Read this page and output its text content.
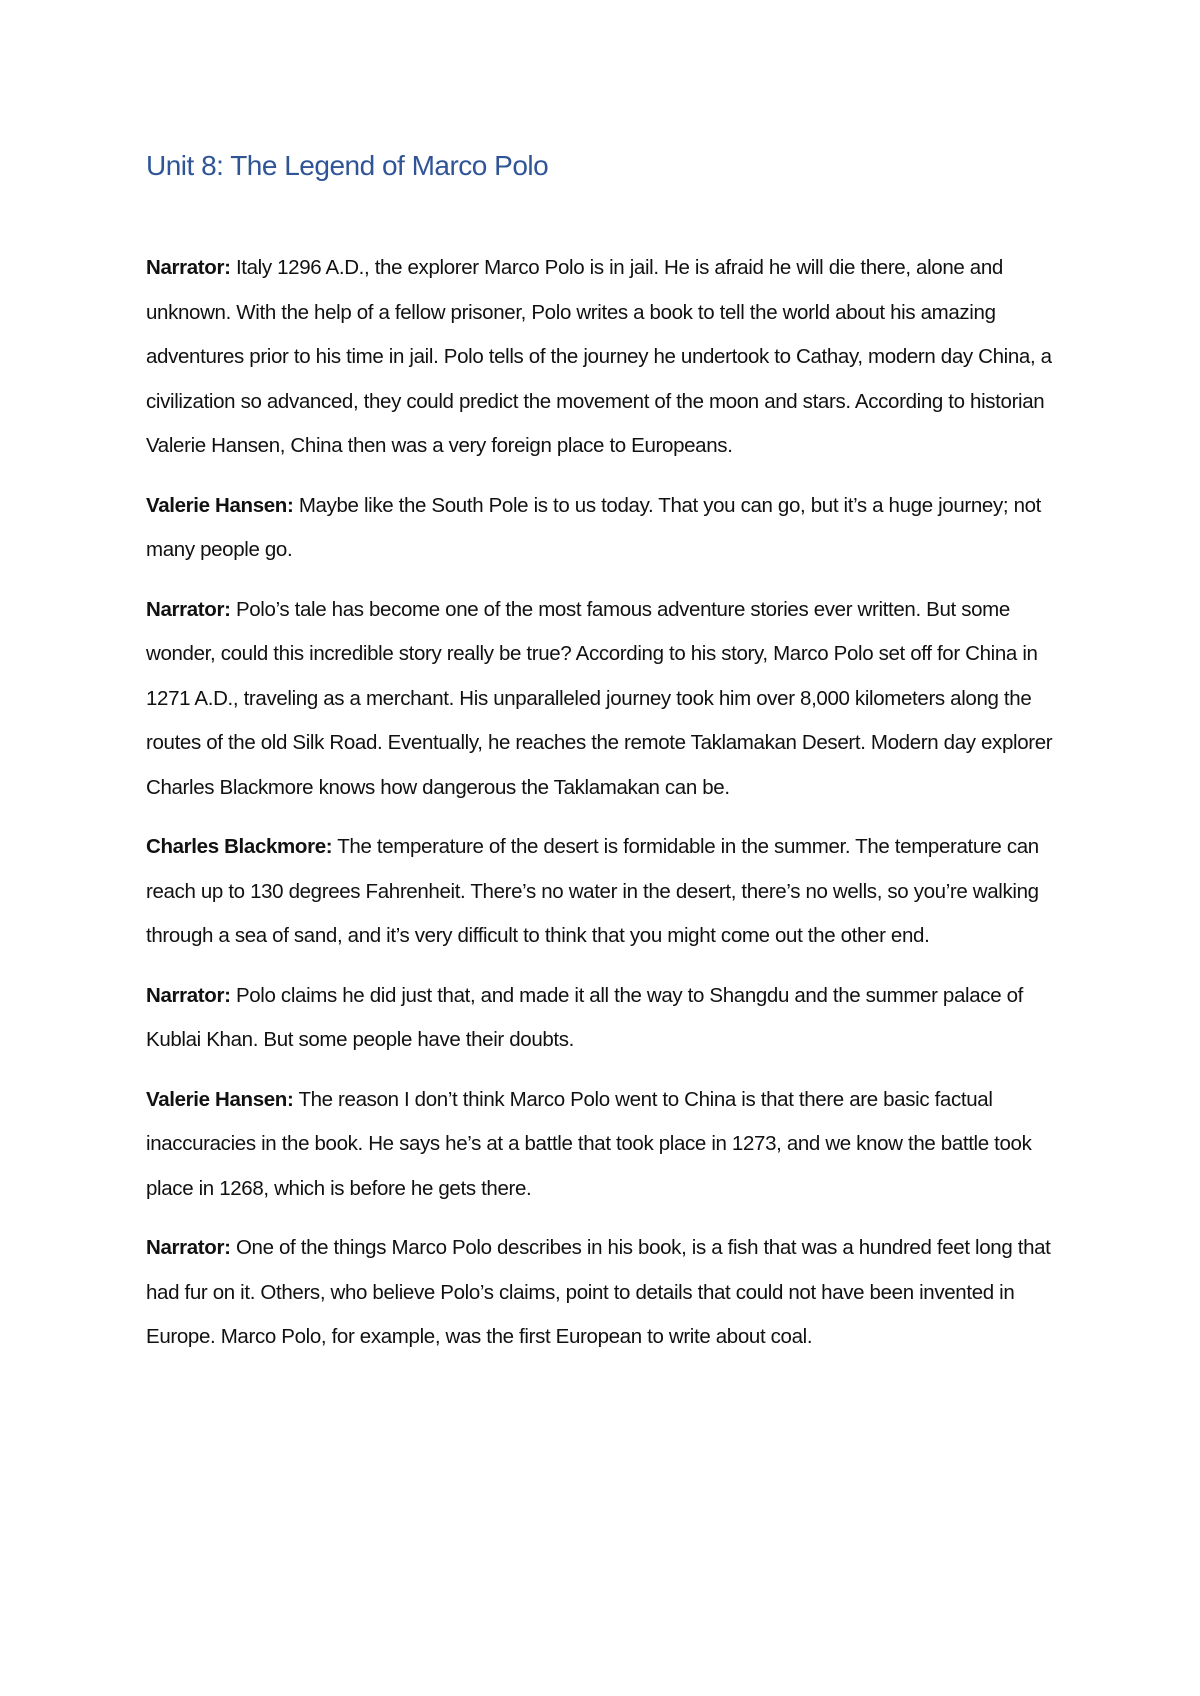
Unit 8: The Legend of Marco Polo

Narrator: Italy 1296 A.D., the explorer Marco Polo is in jail. He is afraid he will die there, alone and unknown. With the help of a fellow prisoner, Polo writes a book to tell the world about his amazing adventures prior to his time in jail. Polo tells of the journey he undertook to Cathay, modern day China, a civilization so advanced, they could predict the movement of the moon and stars. According to historian Valerie Hansen, China then was a very foreign place to Europeans.

Valerie Hansen: Maybe like the South Pole is to us today. That you can go, but it’s a huge journey; not many people go.

Narrator: Polo’s tale has become one of the most famous adventure stories ever written. But some wonder, could this incredible story really be true? According to his story, Marco Polo set off for China in 1271 A.D., traveling as a merchant. His unparalleled journey took him over 8,000 kilometers along the routes of the old Silk Road. Eventually, he reaches the remote Taklamakan Desert. Modern day explorer Charles Blackmore knows how dangerous the Taklamakan can be.

Charles Blackmore: The temperature of the desert is formidable in the summer. The temperature can reach up to 130 degrees Fahrenheit. There’s no water in the desert, there’s no wells, so you’re walking through a sea of sand, and it’s very difficult to think that you might come out the other end.

Narrator: Polo claims he did just that, and made it all the way to Shangdu and the summer palace of Kublai Khan. But some people have their doubts.

Valerie Hansen: The reason I don’t think Marco Polo went to China is that there are basic factual inaccuracies in the book. He says he’s at a battle that took place in 1273, and we know the battle took place in 1268, which is before he gets there.

Narrator: One of the things Marco Polo describes in his book, is a fish that was a hundred feet long that had fur on it. Others, who believe Polo’s claims, point to details that could not have been invented in Europe. Marco Polo, for example, was the first European to write about coal.
